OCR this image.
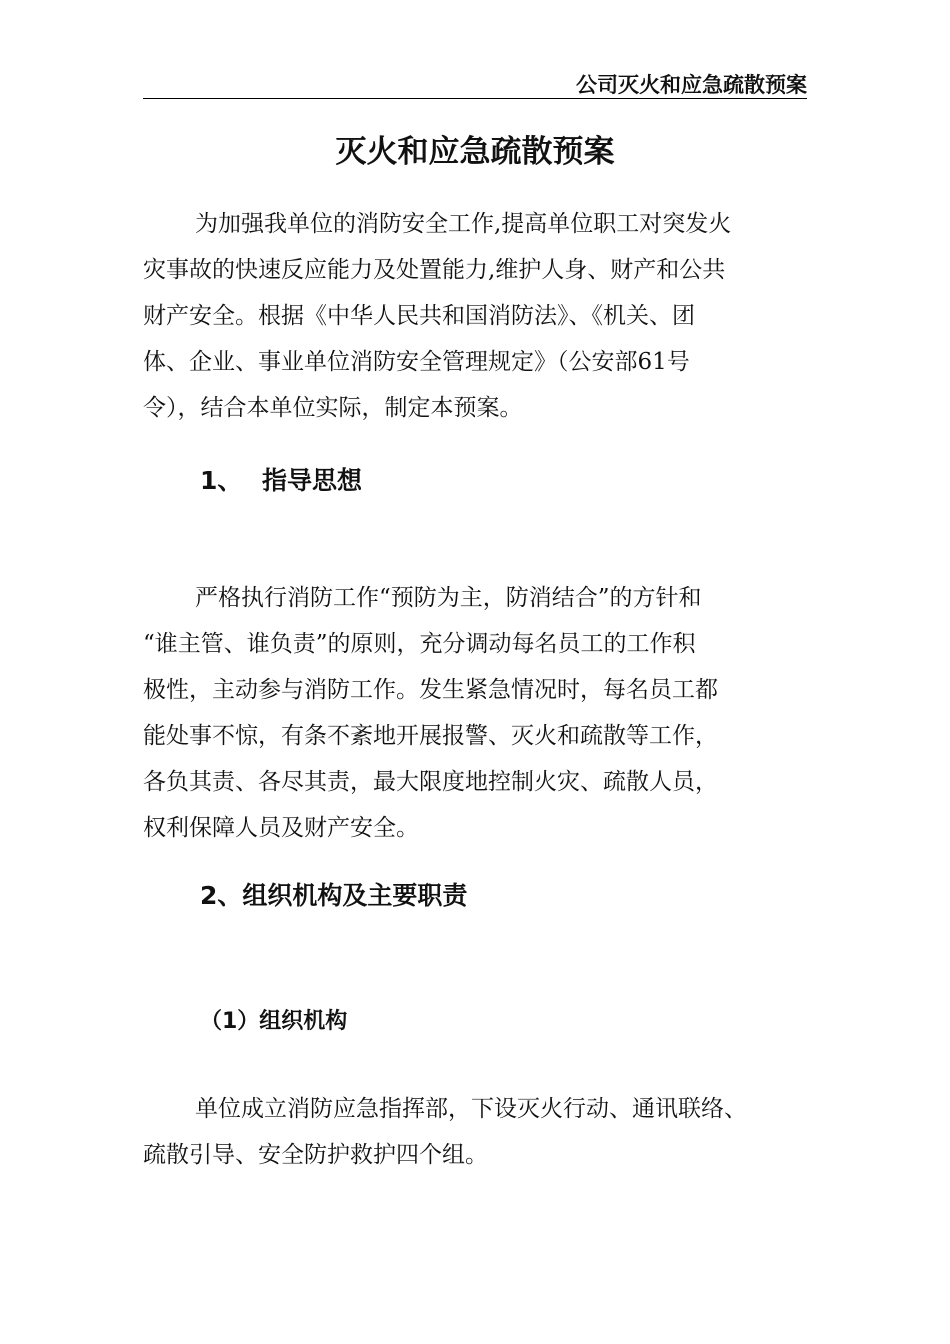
公司灭火和应急疏散预案
灭火和应急疏散预案

为加强我单位的消防安全工作,提高单位职工对突发火
灾事故的快速反应能力及处置能力,维护人身、财产和公共
财产安全。根据《中华人民共和国消防法》、《机关、团
体、企业、事业单位消防安全管理规定》（公安部61号
令），结合本单位实际，制定本预案。

1、 指导思想

严格执行消防工作“预防为主，防消结合”的方针和
“谁主管、谁负责”的原则，充分调动每名员工的工作积
极性，主动参与消防工作。发生紧急情况时，每名员工都
能处事不惊，有条不紊地开展报警、灭火和疏散等工作，
各负其责、各尽其责，最大限度地控制火灾、疏散人员，
权利保障人员及财产安全。

2、组织机构及主要职责
（1）组织机构

单位成立消防应急指挥部，下设灭火行动、通讯联络、
疏散引导、安全防护救护四个组。
